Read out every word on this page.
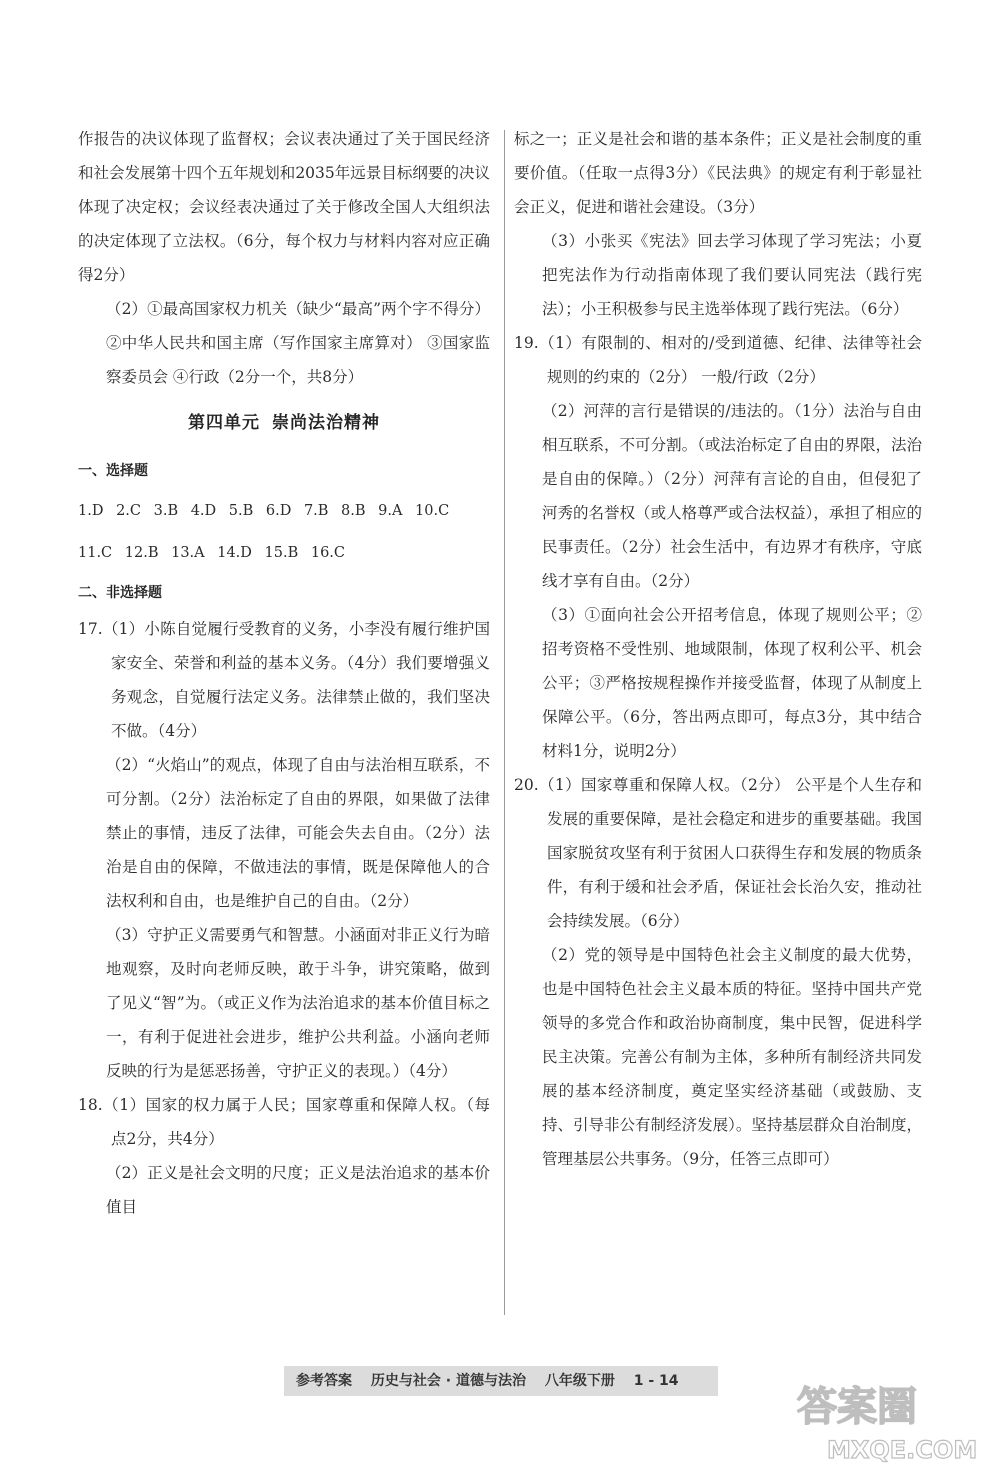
作报告的决议体现了监督权；会议表决通过了关于国民经济和社会发展第十四个五年规划和2035年远景目标纲要的决议体现了决定权；会议经表决通过了关于修改全国人大组织法的决定体现了立法权。（6分，每个权力与材料内容对应正确得2分）

（2）①最高国家权力机关（缺少“最高”两个字不得分） ②中华人民共和国主席（写作国家主席算对） ③国家监察委员会 ④行政（2分一个，共8分）

第四单元 崇尚法治精神

一、选择题

1.D 2.C 3.B 4.D 5.B 6.D 7.B 8.B 9.A 10.C

11.C 12.B 13.A 14.D 15.B 16.C

二、非选择题

17.（1）小陈自觉履行受教育的义务，小李没有履行维护国家安全、荣誉和利益的基本义务。（4分）我们要增强义务观念，自觉履行法定义务。法律禁止做的，我们坚决不做。（4分）

（2）“火焰山”的观点，体现了自由与法治相互联系，不可分割。（2分）法治标定了自由的界限，如果做了法律禁止的事情，违反了法律，可能会失去自由。（2分）法治是自由的保障，不做违法的事情，既是保障他人的合法权利和自由，也是维护自己的自由。（2分）

（3）守护正义需要勇气和智慧。小涵面对非正义行为暗地观察，及时向老师反映，敢于斗争，讲究策略，做到了见义“智”为。（或正义作为法治追求的基本价值目标之一，有利于促进社会进步，维护公共利益。小涵向老师反映的行为是惩恶扬善，守护正义的表现。）（4分）

18.（1）国家的权力属于人民；国家尊重和保障人权。（每点2分，共4分）

（2）正义是社会文明的尺度；正义是法治追求的基本价值目

标之一；正义是社会和谐的基本条件；正义是社会制度的重要价值。（任取一点得3分）《民法典》的规定有利于彰显社会正义，促进和谐社会建设。（3分）

（3）小张买《宪法》回去学习体现了学习宪法；小夏把宪法作为行动指南体现了我们要认同宪法（践行宪法）；小王积极参与民主选举体现了践行宪法。（6分）

19.（1）有限制的、相对的/受到道德、纪律、法律等社会规则的约束的（2分） 一般/行政（2分）

（2）河萍的言行是错误的/违法的。（1分）法治与自由相互联系，不可分割。（或法治标定了自由的界限，法治是自由的保障。）（2分）河萍有言论的自由，但侵犯了河秀的名誉权（或人格尊严或合法权益），承担了相应的民事责任。（2分）社会生活中，有边界才有秩序，守底线才享有自由。（2分）

（3）①面向社会公开招考信息，体现了规则公平；②招考资格不受性别、地域限制，体现了权利公平、机会公平；③严格按规程操作并接受监督，体现了从制度上保障公平。（6分，答出两点即可，每点3分，其中结合材料1分，说明2分）

20.（1）国家尊重和保障人权。（2分） 公平是个人生存和发展的重要保障，是社会稳定和进步的重要基础。我国国家脱贫攻坚有利于贫困人口获得生存和发展的物质条件，有利于缓和社会矛盾，保证社会长治久安，推动社会持续发展。（6分）

（2）党的领导是中国特色社会主义制度的最大优势，也是中国特色社会主义最本质的特征。坚持中国共产党领导的多党合作和政治协商制度，集中民智，促进科学民主决策。完善公有制为主体，多种所有制经济共同发展的基本经济制度，奠定坚实经济基础（或鼓励、支持、引导非公有制经济发展）。坚持基层群众自治制度，管理基层公共事务。（9分，任答三点即可）

参考答案 历史与社会 · 道德与法治 八年级下册 1 - 14
答案圈
MXQE.COM
